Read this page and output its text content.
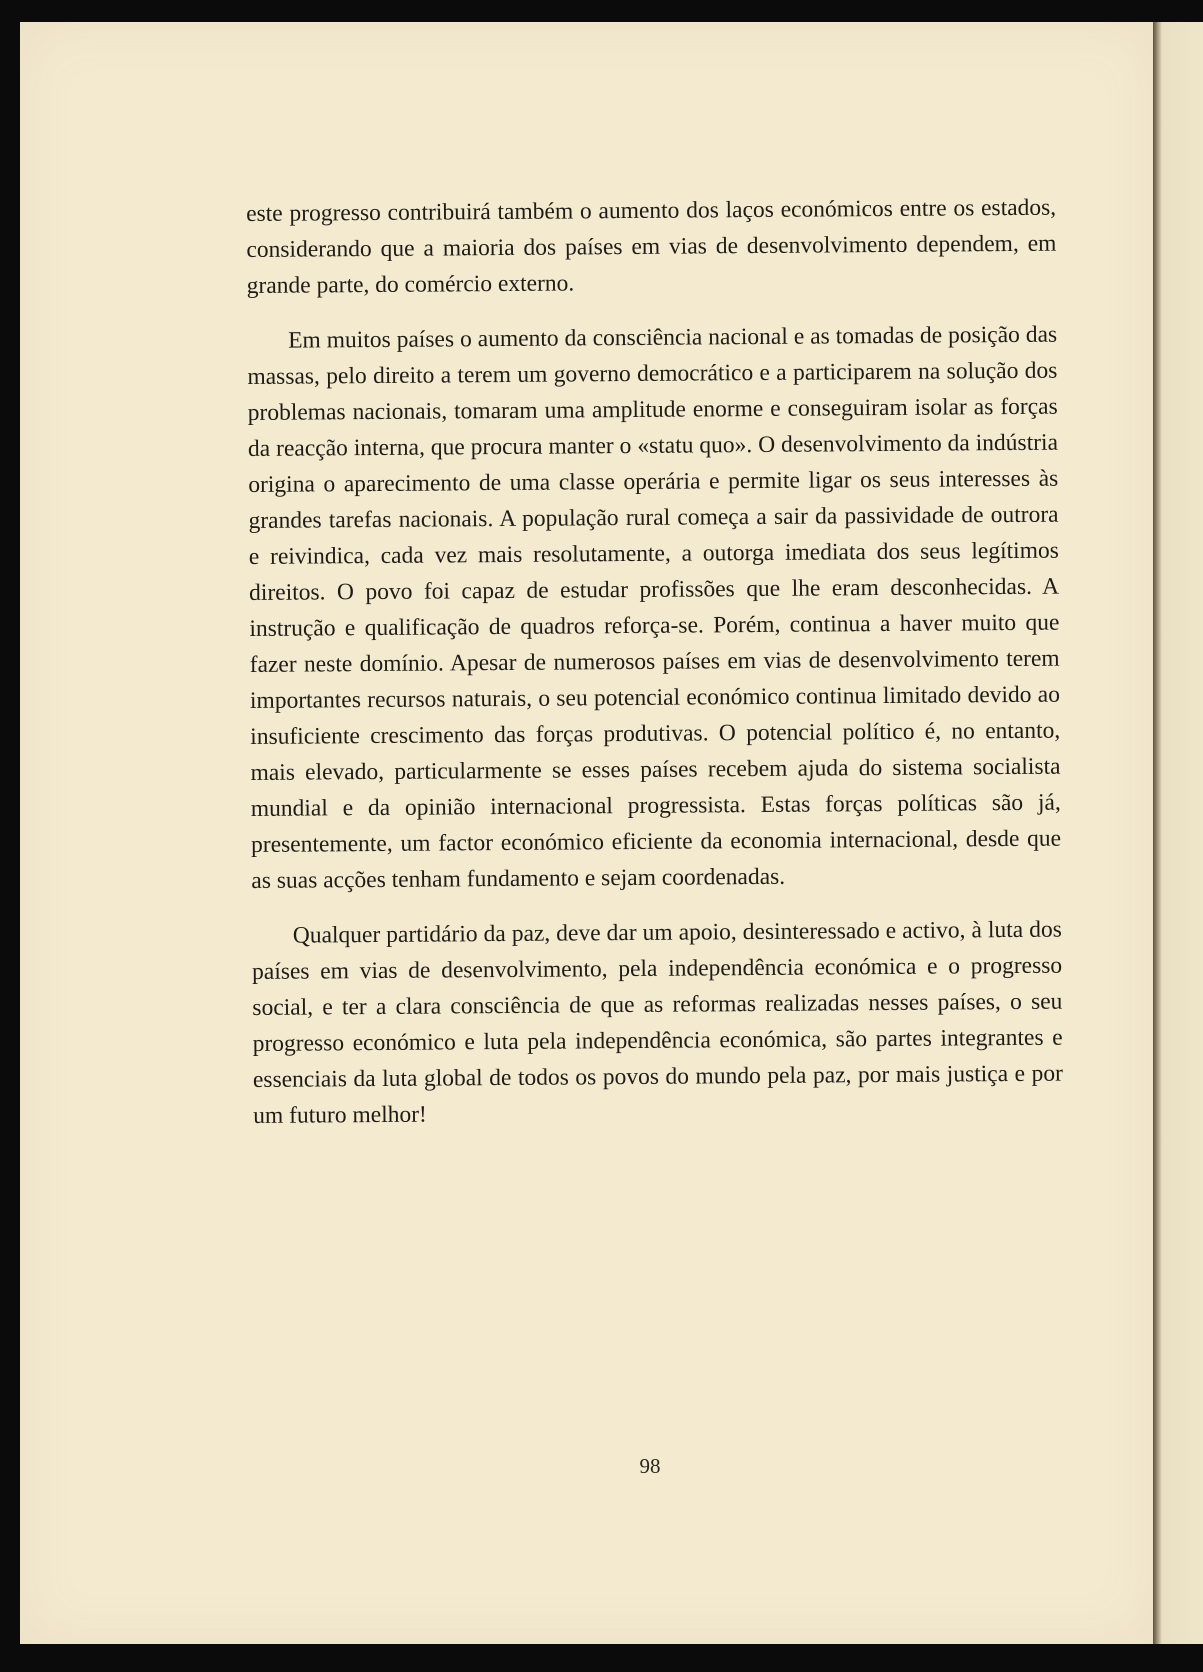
este progresso contribuirá também o aumento dos laços económicos entre os estados, considerando que a maioria dos países em vias de desenvolvimento dependem, em grande parte, do comércio externo.

Em muitos países o aumento da consciência nacional e as tomadas de posição das massas, pelo direito a terem um governo democrático e a participarem na solução dos problemas nacionais, tomaram uma amplitude enorme e conseguiram isolar as forças da reacção interna, que procura manter o «statu quo». O desenvolvimento da indústria origina o aparecimento de uma classe operária e permite ligar os seus interesses às grandes tarefas nacionais. A população rural começa a sair da passividade de outrora e reivindica, cada vez mais resolutamente, a outorga imediata dos seus legítimos direitos. O povo foi capaz de estudar profissões que lhe eram desconhecidas. A instrução e qualificação de quadros reforça-se. Porém, continua a haver muito que fazer neste domínio. Apesar de numerosos países em vias de desenvolvimento terem importantes recursos naturais, o seu potencial económico continua limitado devido ao insuficiente crescimento das forças produtivas. O potencial político é, no entanto, mais elevado, particularmente se esses países recebem ajuda do sistema socialista mundial e da opinião internacional progressista. Estas forças políticas são já, presentemente, um factor económico eficiente da economia internacional, desde que as suas acções tenham fundamento e sejam coordenadas.

Qualquer partidário da paz, deve dar um apoio, desinteressado e activo, à luta dos países em vias de desenvolvimento, pela independência económica e o progresso social, e ter a clara consciência de que as reformas realizadas nesses países, o seu progresso económico e luta pela independência económica, são partes integrantes e essenciais da luta global de todos os povos do mundo pela paz, por mais justiça e por um futuro melhor!

98
